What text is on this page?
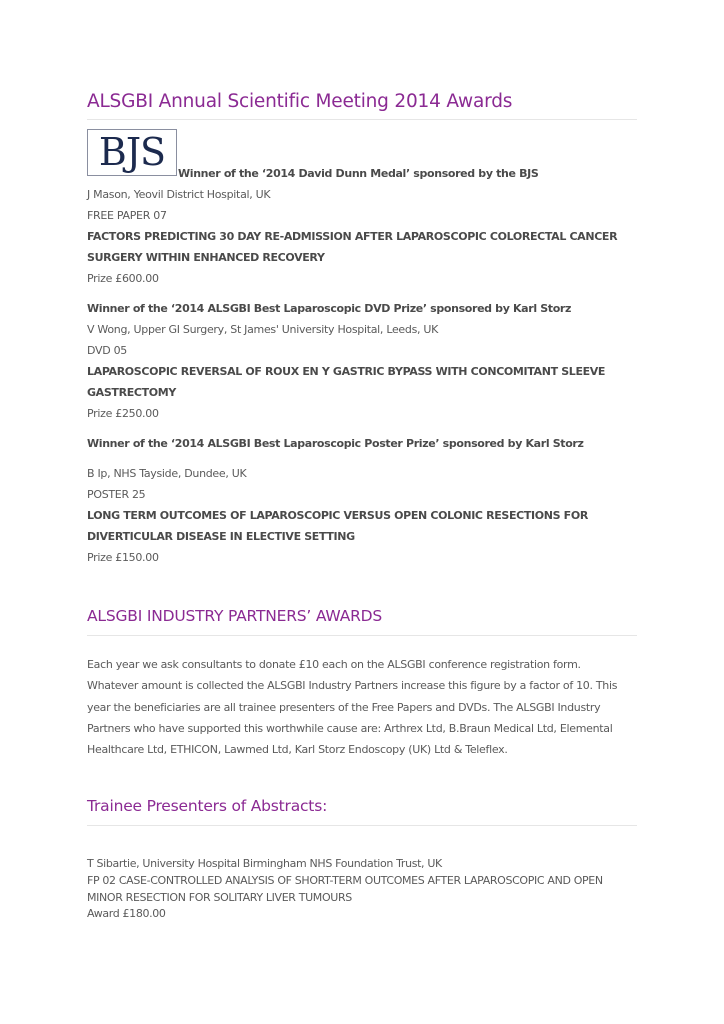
ALSGBI Annual Scientific Meeting 2014 Awards
BJS	Winner of the ‘2014 David Dunn Medal’ sponsored by the BJS
J Mason, Yeovil District Hospital, UK
FREE PAPER 07
FACTORS PREDICTING 30 DAY RE-ADMISSION AFTER LAPAROSCOPIC COLORECTAL CANCER
SURGERY WITHIN ENHANCED RECOVERY
Prize £600.00
Winner of the ‘2014 ALSGBI Best Laparoscopic DVD Prize’ sponsored by Karl Storz
V Wong, Upper GI Surgery, St James' University Hospital, Leeds, UK
DVD 05
LAPAROSCOPIC REVERSAL OF ROUX EN Y GASTRIC BYPASS WITH CONCOMITANT SLEEVE
GASTRECTOMY
Prize £250.00
Winner of the ‘2014 ALSGBI Best Laparoscopic Poster Prize’ sponsored by Karl Storz
B Ip, NHS Tayside, Dundee, UK
POSTER 25
LONG TERM OUTCOMES OF LAPAROSCOPIC VERSUS OPEN COLONIC RESECTIONS FOR
DIVERTICULAR DISEASE IN ELECTIVE SETTING
Prize £150.00
ALSGBI INDUSTRY PARTNERS’ AWARDS
Each year we ask consultants to donate £10 each on the ALSGBI conference registration form.
Whatever amount is collected the ALSGBI Industry Partners increase this figure by a factor of 10. This
year the beneficiaries are all trainee presenters of the Free Papers and DVDs. The ALSGBI Industry
Partners who have supported this worthwhile cause are: Arthrex Ltd, B.Braun Medical Ltd, Elemental
Healthcare Ltd, ETHICON, Lawmed Ltd, Karl Storz Endoscopy (UK) Ltd & Teleflex.
Trainee Presenters of Abstracts:
T Sibartie, University Hospital Birmingham NHS Foundation Trust, UK
FP 02 CASE-CONTROLLED ANALYSIS OF SHORT-TERM OUTCOMES AFTER LAPAROSCOPIC AND OPEN
MINOR RESECTION FOR SOLITARY LIVER TUMOURS
Award £180.00
